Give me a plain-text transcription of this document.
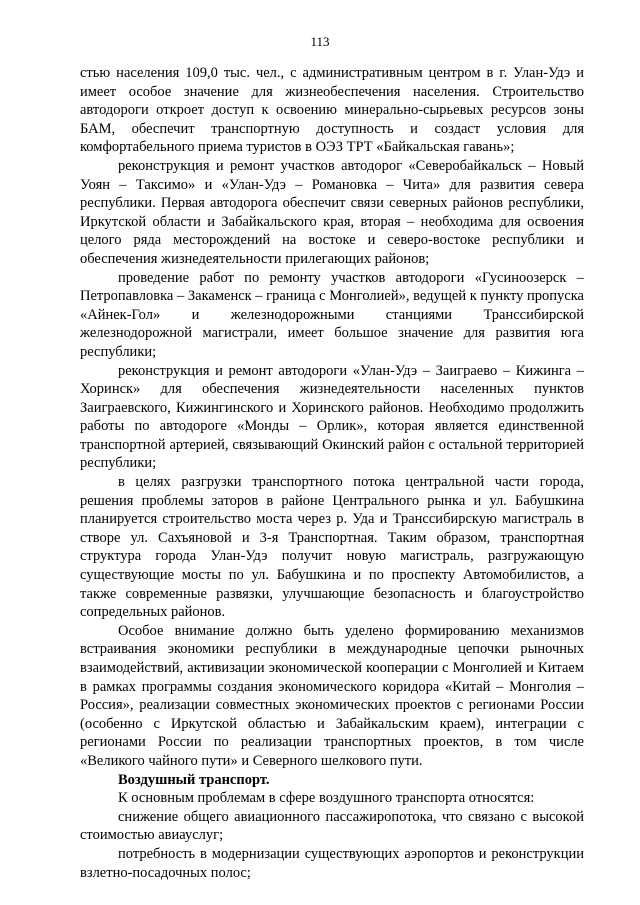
113

стью населения 109,0 тыс. чел., с административным центром в г. Улан-Удэ и имеет особое значение для жизнеобеспечения населения. Строительство автодороги откроет доступ к освоению минерально-сырьевых ресурсов зоны БАМ, обеспечит транспортную доступность и создаст условия для комфортабельного приема туристов в ОЭЗ ТРТ «Байкальская гавань»;

реконструкция и ремонт участков автодорог «Северобайкальск – Новый Уоян – Таксимо» и «Улан-Удэ – Романовка – Чита» для развития севера республики. Первая автодорога обеспечит связи северных районов республики, Иркутской области и Забайкальского края, вторая – необходима для освоения целого ряда месторождений на востоке и северо-востоке республики и обеспечения жизнедеятельности прилегающих районов;

проведение работ по ремонту участков автодороги «Гусиноозерск – Петропавловка – Закаменск – граница с Монголией», ведущей к пункту пропуска «Айнек-Гол» и железнодорожными станциями Транссибирской железнодорожной магистрали, имеет большое значение для развития юга республики;

реконструкция и ремонт автодороги «Улан-Удэ – Заиграево – Кижинга – Хоринск» для обеспечения жизнедеятельности населенных пунктов Заиграевского, Кижингинского и Хоринского районов. Необходимо продолжить работы по автодороге «Монды – Орлик», которая является единственной транспортной артерией, связывающий Окинский район с остальной территорией республики;

в целях разгрузки транспортного потока центральной части города, решения проблемы заторов в районе Центрального рынка и ул. Бабушкина планируется строительство моста через р. Уда и Транссибирскую магистраль в створе ул. Сахъяновой и 3-я Транспортная. Таким образом, транспортная структура города Улан-Удэ получит новую магистраль, разгружающую существующие мосты по ул. Бабушкина и по проспекту Автомобилистов, а также современные развязки, улучшающие безопасность и благоустройство сопредельных районов.

Особое внимание должно быть уделено формированию механизмов встраивания экономики республики в международные цепочки рыночных взаимодействий, активизации экономической кооперации с Монголией и Китаем в рамках программы создания экономического коридора «Китай – Монголия – Россия», реализации совместных экономических проектов с регионами России (особенно с Иркутской областью и Забайкальским краем), интеграции с регионами России по реализации транспортных проектов, в том числе «Великого чайного пути» и Северного шелкового пути.

Воздушный транспорт.

К основным проблемам в сфере воздушного транспорта относятся:

снижение общего авиационного пассажиропотока, что связано с высокой стоимостью авиауслуг;

потребность в модернизации существующих аэропортов и реконструкции взлетно-посадочных полос;
